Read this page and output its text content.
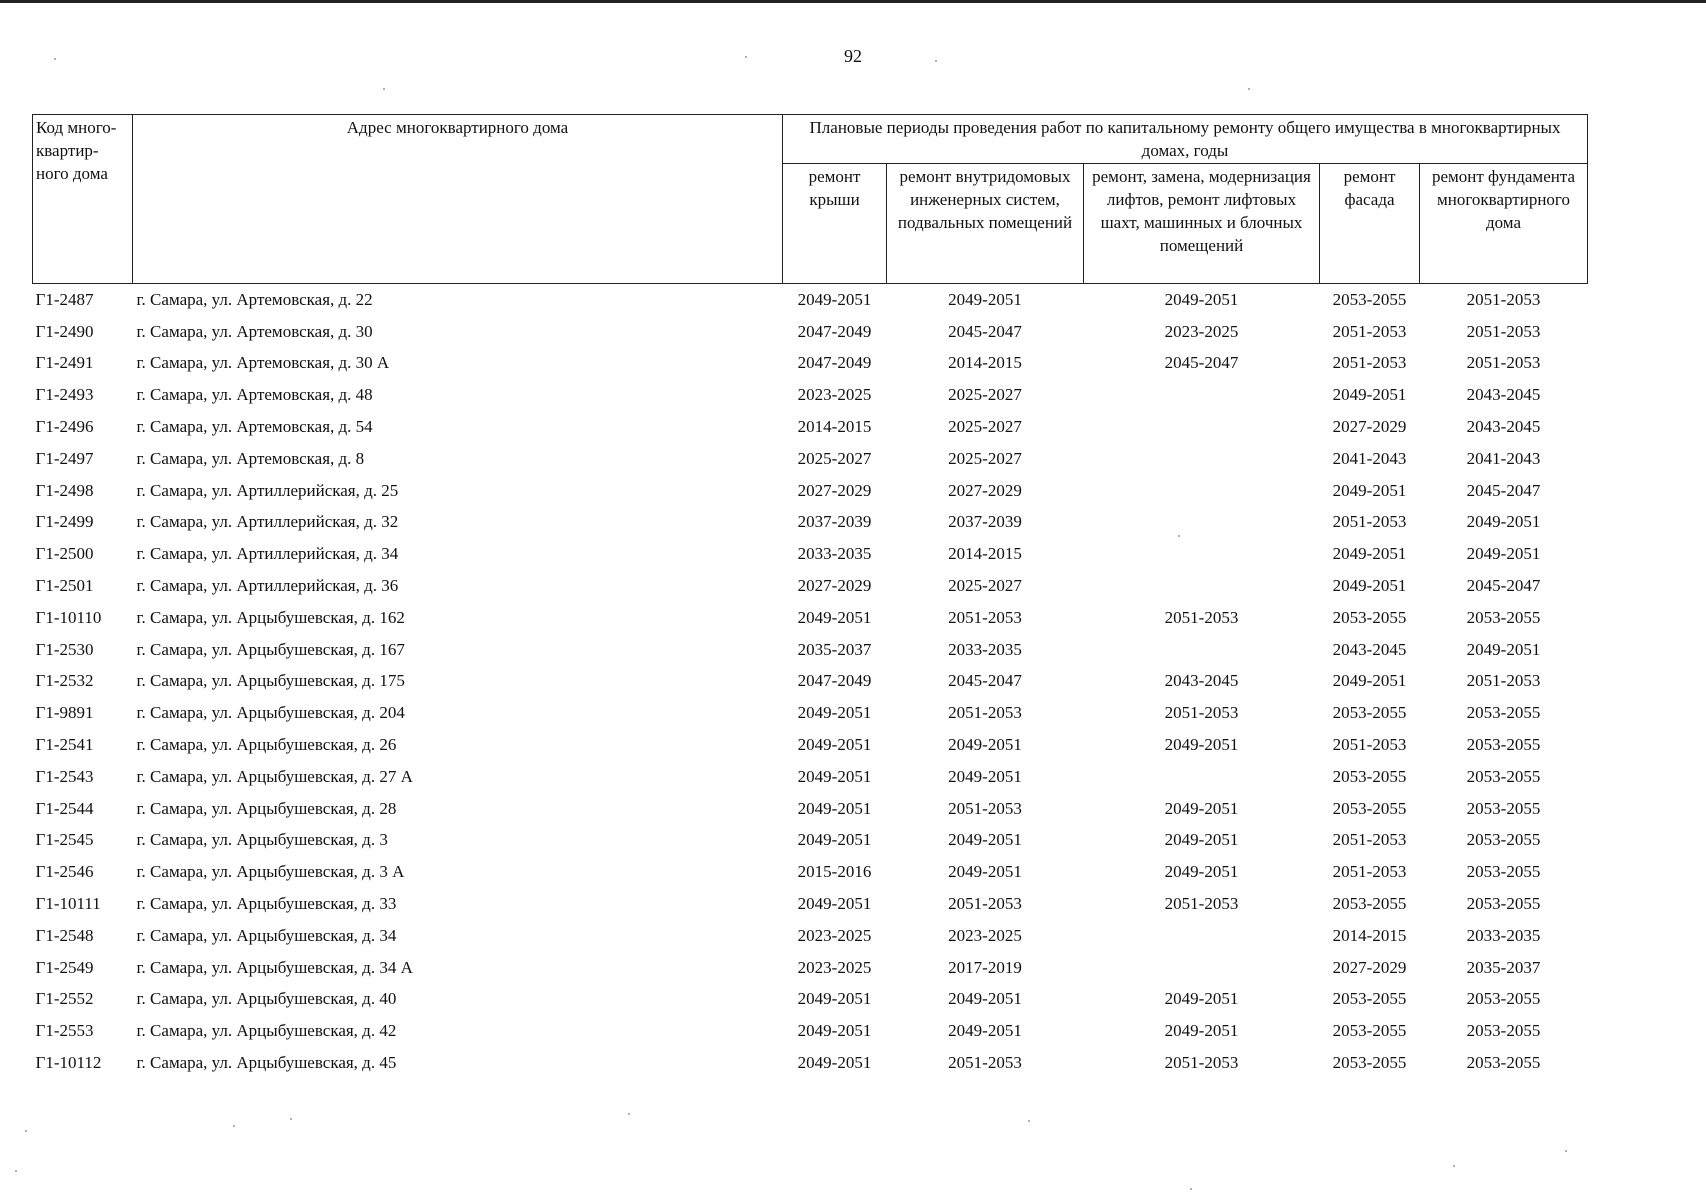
92
Код много-квартир-ного дома	Адрес многоквартирного дома	Плановые периоды проведения работ по капитальному ремонту общего имущества в многоквартирных домах, годы				
		ремонт крыши	ремонт внутридомовых инженерных систем, подвальных помещений	ремонт, замена, модернизация лифтов, ремонт лифтовых шахт, машинных и блочных помещений	ремонт фасада	ремонт фундамента многоквартирного дома
Г1-2487	г. Самара, ул. Артемовская, д. 22	2049-2051	2049-2051	2049-2051	2053-2055	2051-2053
Г1-2490	г. Самара, ул. Артемовская, д. 30	2047-2049	2045-2047	2023-2025	2051-2053	2051-2053
Г1-2491	г. Самара, ул. Артемовская, д. 30 А	2047-2049	2014-2015	2045-2047	2051-2053	2051-2053
Г1-2493	г. Самара, ул. Артемовская, д. 48	2023-2025	2025-2027		2049-2051	2043-2045
Г1-2496	г. Самара, ул. Артемовская, д. 54	2014-2015	2025-2027		2027-2029	2043-2045
Г1-2497	г. Самара, ул. Артемовская, д. 8	2025-2027	2025-2027		2041-2043	2041-2043
Г1-2498	г. Самара, ул. Артиллерийская, д. 25	2027-2029	2027-2029		2049-2051	2045-2047
Г1-2499	г. Самара, ул. Артиллерийская, д. 32	2037-2039	2037-2039		2051-2053	2049-2051
Г1-2500	г. Самара, ул. Артиллерийская, д. 34	2033-2035	2014-2015		2049-2051	2049-2051
Г1-2501	г. Самара, ул. Артиллерийская, д. 36	2027-2029	2025-2027		2049-2051	2045-2047
Г1-10110	г. Самара, ул. Арцыбушевская, д. 162	2049-2051	2051-2053	2051-2053	2053-2055	2053-2055
Г1-2530	г. Самара, ул. Арцыбушевская, д. 167	2035-2037	2033-2035		2043-2045	2049-2051
Г1-2532	г. Самара, ул. Арцыбушевская, д. 175	2047-2049	2045-2047	2043-2045	2049-2051	2051-2053
Г1-9891	г. Самара, ул. Арцыбушевская, д. 204	2049-2051	2051-2053	2051-2053	2053-2055	2053-2055
Г1-2541	г. Самара, ул. Арцыбушевская, д. 26	2049-2051	2049-2051	2049-2051	2051-2053	2053-2055
Г1-2543	г. Самара, ул. Арцыбушевская, д. 27 А	2049-2051	2049-2051		2053-2055	2053-2055
Г1-2544	г. Самара, ул. Арцыбушевская, д. 28	2049-2051	2051-2053	2049-2051	2053-2055	2053-2055
Г1-2545	г. Самара, ул. Арцыбушевская, д. 3	2049-2051	2049-2051	2049-2051	2051-2053	2053-2055
Г1-2546	г. Самара, ул. Арцыбушевская, д. 3 А	2015-2016	2049-2051	2049-2051	2051-2053	2053-2055
Г1-10111	г. Самара, ул. Арцыбушевская, д. 33	2049-2051	2051-2053	2051-2053	2053-2055	2053-2055
Г1-2548	г. Самара, ул. Арцыбушевская, д. 34	2023-2025	2023-2025		2014-2015	2033-2035
Г1-2549	г. Самара, ул. Арцыбушевская, д. 34 А	2023-2025	2017-2019		2027-2029	2035-2037
Г1-2552	г. Самара, ул. Арцыбушевская, д. 40	2049-2051	2049-2051	2049-2051	2053-2055	2053-2055
Г1-2553	г. Самара, ул. Арцыбушевская, д. 42	2049-2051	2049-2051	2049-2051	2053-2055	2053-2055
Г1-10112	г. Самара, ул. Арцыбушевская, д. 45	2049-2051	2051-2053	2051-2053	2053-2055	2053-2055
